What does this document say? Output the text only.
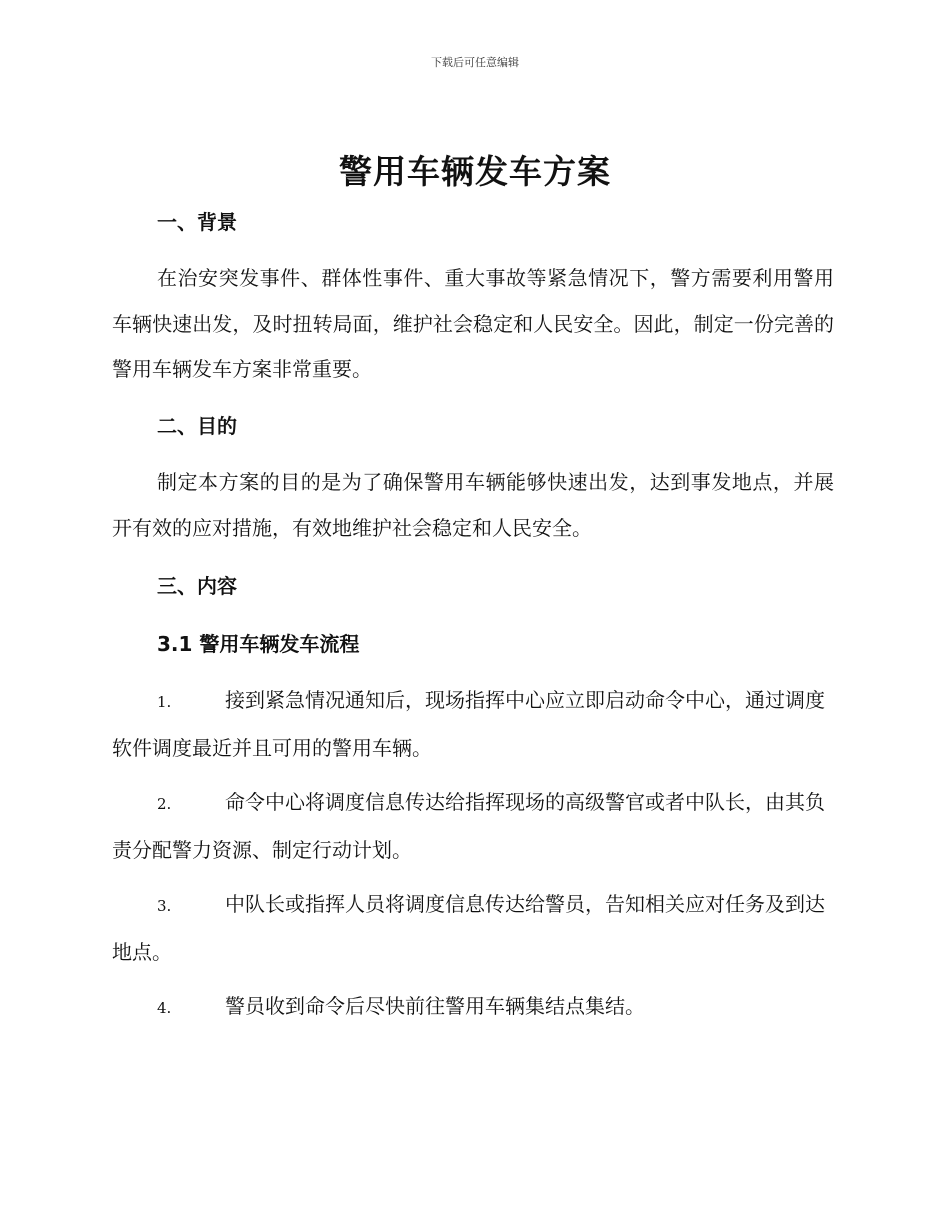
下载后可任意编辑
警用车辆发车方案
一、背景
在治安突发事件、群体性事件、重大事故等紧急情况下，警方需要利用警用车辆快速出发，及时扭转局面，维护社会稳定和人民安全。因此，制定一份完善的警用车辆发车方案非常重要。
二、目的
制定本方案的目的是为了确保警用车辆能够快速出发，达到事发地点，并展开有效的应对措施，有效地维护社会稳定和人民安全。
三、内容
3.1 警用车辆发车流程
1.	接到紧急情况通知后，现场指挥中心应立即启动命令中心，通过调度软件调度最近并且可用的警用车辆。
2.	命令中心将调度信息传达给指挥现场的高级警官或者中队长，由其负责分配警力资源、制定行动计划。
3.	中队长或指挥人员将调度信息传达给警员，告知相关应对任务及到达地点。
4.	警员收到命令后尽快前往警用车辆集结点集结。
